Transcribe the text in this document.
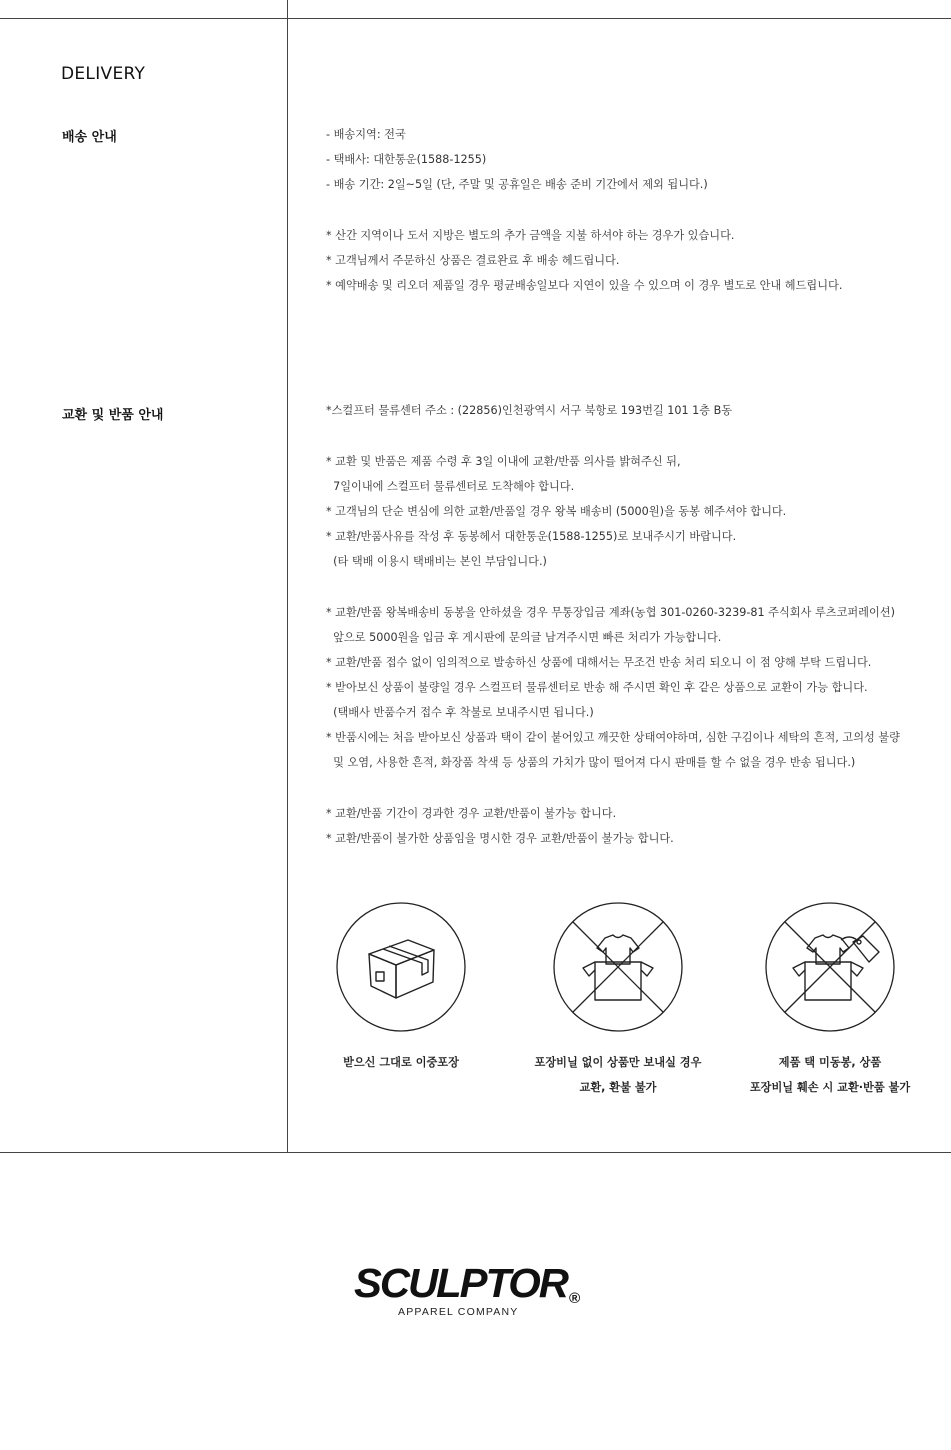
DELIVERY
배송 안내	- 배송지역: 전국
- 택배사: 대한통운(1588-1255)
- 배송 기간: 2일~5일 (단, 주말 및 공휴일은 배송 준비 기간에서 제외 됩니다.)
* 산간 지역이나 도서 지방은 별도의 추가 금액을 지불 하셔야 하는 경우가 있습니다.
* 고객님께서 주문하신 상품은 결료완료 후 배송 헤드립니다.
* 예약배송 및 리오더 제품일 경우 평균배송일보다 지연이 있을 수 있으며 이 경우 별도로 안내 헤드립니다.
교환 및 반품 안내	*스컬프터 물류센터 주소 : (22856)인천광역시 서구 북항로 193번길 101 1층 B동
* 교환 및 반품은 제품 수령 후 3일 이내에 교환/반품 의사를 밝혀주신 뒤,
7일이내에 스컬프터 물류센터로 도착해야 합니다.
* 고객님의 단순 변심에 의한 교환/반품일 경우 왕복 배송비 (5000원)을 동봉 헤주셔야 합니다.
* 교환/반품사유를 작성 후 동봉헤서 대한통운(1588-1255)로 보내주시기 바랍니다.
(타 택배 이용시 택배비는 본인 부담입니다.)
* 교환/반품 왕복배송비 동봉을 안하셨을 경우 무통장입금 계좌(농협 301-0260-3239-81 주식회사 루츠코퍼레이션)
앞으로 5000원을 입금 후 게시판에 문의글 남겨주시면 빠른 처리가 가능합니다.
* 교환/반품 접수 없이 임의적으로 발송하신 상품에 대해서는 무조건 반송 처리 되오니 이 점 양해 부탁 드립니다.
* 받아보신 상품이 불량일 경우 스컬프터 물류센터로 반송 해 주시면 확인 후 같은 상품으로 교환이 가능 합니다.
(택배사 반품수거 접수 후 착불로 보내주시면 됩니다.)
* 반품시에는 처음 받아보신 상품과 택이 같이 붙어있고 깨끗한 상태여야하며, 심한 구김이나 세탁의 흔적, 고의성 불량
및 오염, 사용한 흔적, 화장품 착색 등 상품의 가치가 많이 떨어져 다시 판매를 할 수 없을 경우 반송 됩니다.)
* 교환/반품 기간이 경과한 경우 교환/반품이 불가능 합니다.
* 교환/반품이 불가한 상품임을 명시한 경우 교환/반품이 불가능 합니다.
받으신 그대로 이중포장	포장비닐 없이 상품만 보내실 경우
교환, 환불 불가
제품 택 미동봉, 상품
포장비닐 훼손 시 교환·반품 불가
SCULPTOR ®
APPAREL COMPANY
